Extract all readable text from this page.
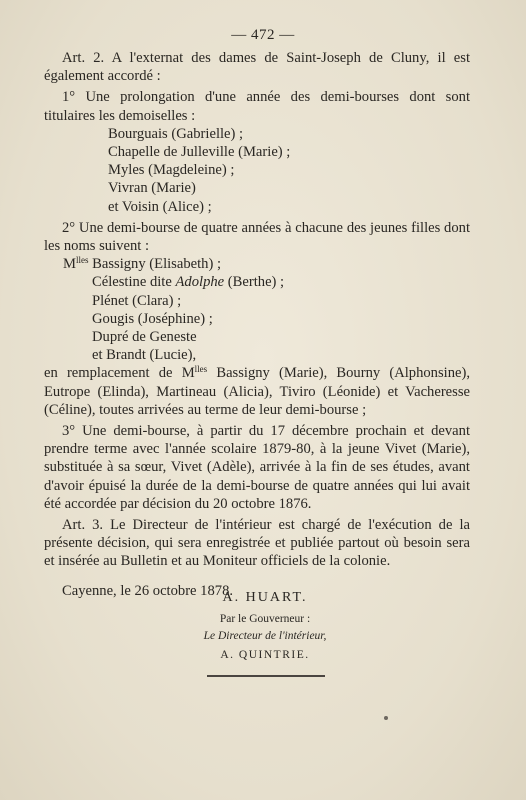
— 472 —

Art. 2. A l'externat des dames de Saint-Joseph de Cluny, il est également accordé :

1° Une prolongation d'une année des demi-bourses dont sont titulaires les demoiselles :

Bourguais (Gabrielle) ;
Chapelle de Julleville (Marie) ;
Myles (Magdeleine) ;
Vivran (Marie)
et Voisin (Alice) ;

2° Une demi-bourse de quatre années à chacune des jeunes filles dont les noms suivent :

$M^{lles}$ Bassigny (Elisabeth) ;
Célestine dite Adolphe (Berthe) ;
Plénet (Clara) ;
Gougis (Joséphine) ;
Dupré de Geneste
et Brandt (Lucie),

en remplacement de $M^{lles}$ Bassigny (Marie), Bourny (Alphonsine), Eutrope (Elinda), Martineau (Alicia), Tiviro (Léonide) et Vacheresse (Céline), toutes arrivées au terme de leur demi-bourse ;

3° Une demi-bourse, à partir du 17 décembre prochain et devant prendre terme avec l'année scolaire 1879-80, à la jeune Vivet (Marie), substituée à sa sœur, Vivet (Adèle), arrivée à la fin de ses études, avant d'avoir épuisé la durée de la demi-bourse de quatre années qui lui avait été accordée par décision du 20 octobre 1876.

Art. 3. Le Directeur de l'intérieur est chargé de l'exécution de la présente décision, qui sera enregistrée et publiée partout où besoin sera et insérée au Bulletin et au Moniteur officiels de la colonie.

Cayenne, le 26 octobre 1878.

A. HUART.
Par le Gouverneur :
Le Directeur de l'intérieur,
A. QUINTRIE.
